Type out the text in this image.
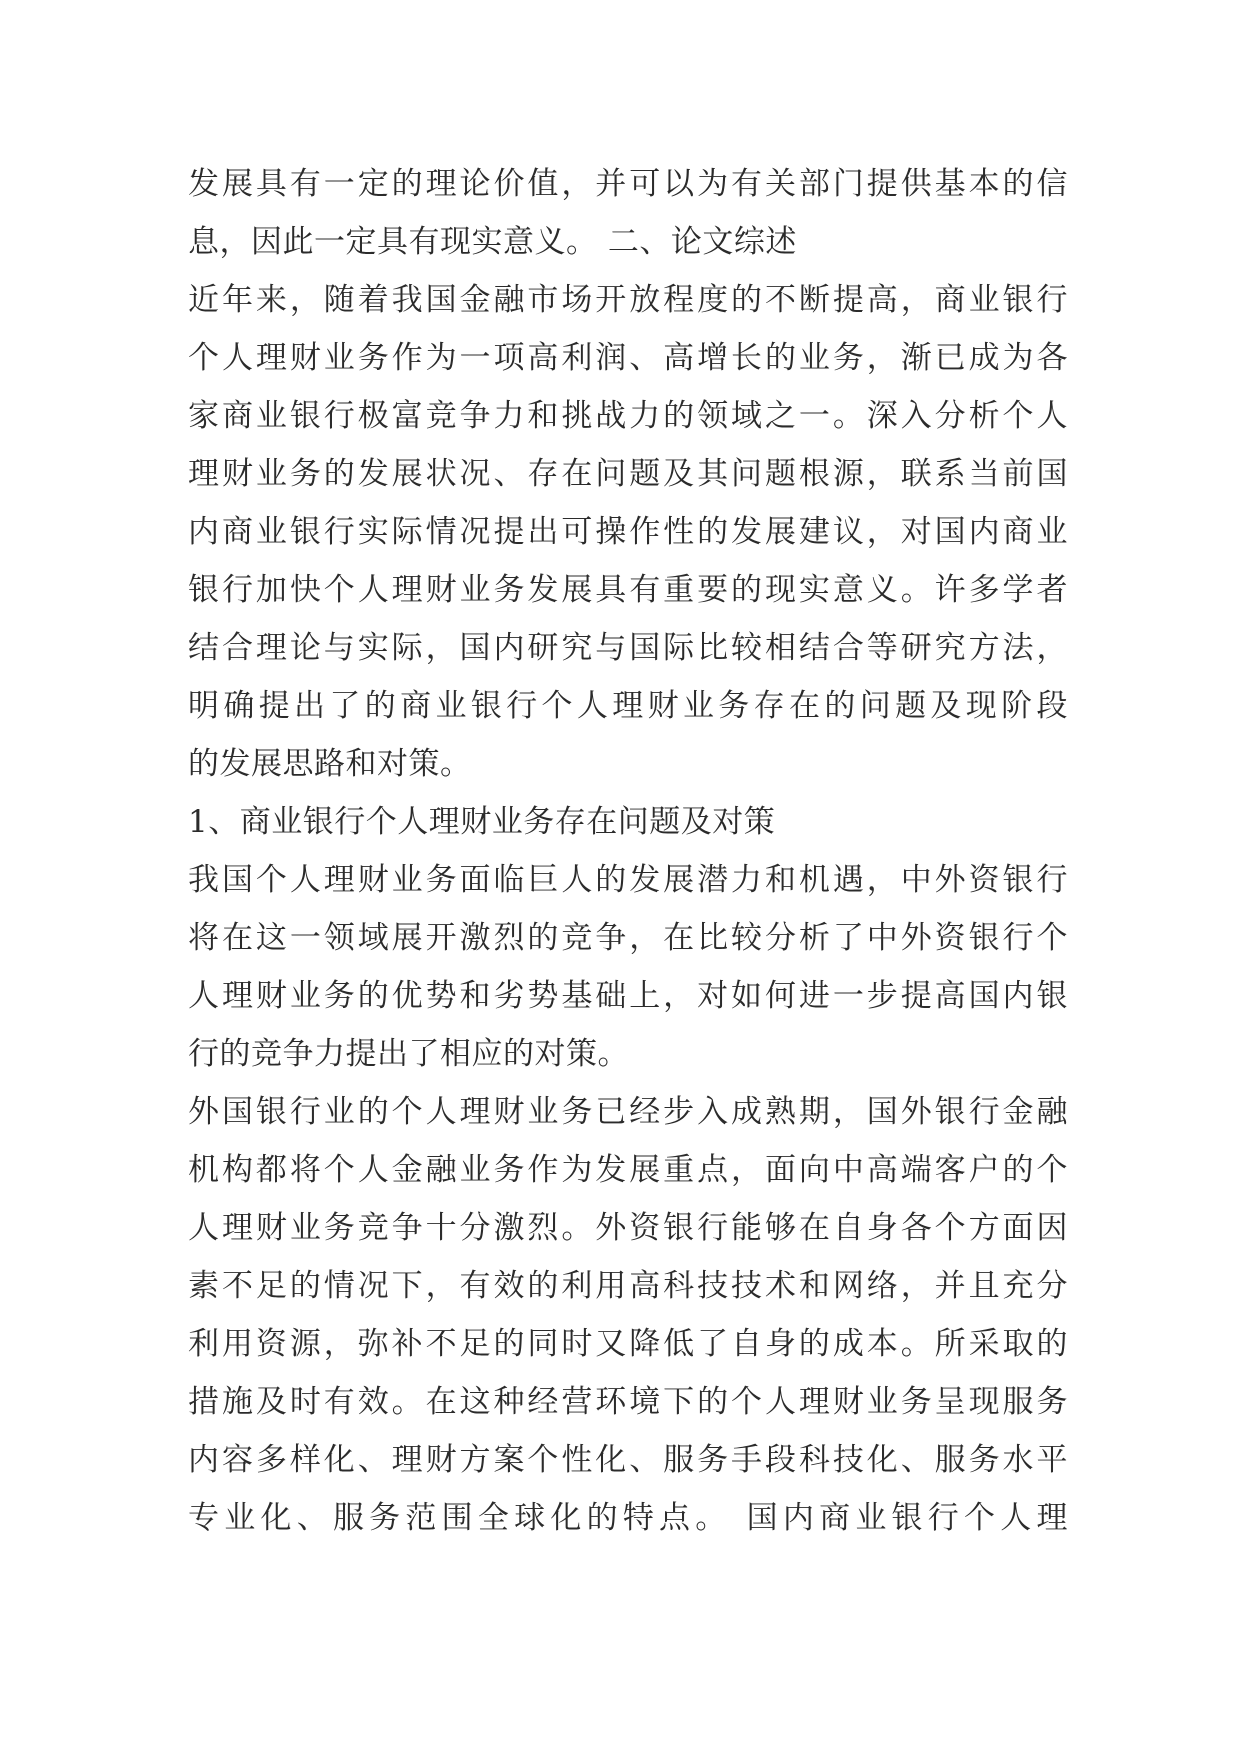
发展具有一定的理论价值，并可以为有关部门提供基本的信
息，因此一定具有现实意义。 二、论文综述
近年来，随着我国金融市场开放程度的不断提高，商业银行
个人理财业务作为一项高利润、高增长的业务，渐已成为各
家商业银行极富竞争力和挑战力的领域之一。深入分析个人
理财业务的发展状况、存在问题及其问题根源，联系当前国
内商业银行实际情况提出可操作性的发展建议，对国内商业
银行加快个人理财业务发展具有重要的现实意义。许多学者
结合理论与实际，国内研究与国际比较相结合等研究方法，
明确提出了的商业银行个人理财业务存在的问题及现阶段
的发展思路和对策。
1、商业银行个人理财业务存在问题及对策
我国个人理财业务面临巨人的发展潜力和机遇，中外资银行
将在这一领域展开激烈的竞争，在比较分析了中外资银行个
人理财业务的优势和劣势基础上，对如何进一步提高国内银
行的竞争力提出了相应的对策。
外国银行业的个人理财业务已经步入成熟期，国外银行金融
机构都将个人金融业务作为发展重点，面向中高端客户的个
人理财业务竞争十分激烈。外资银行能够在自身各个方面因
素不足的情况下，有效的利用高科技技术和网络，并且充分
利用资源，弥补不足的同时又降低了自身的成本。所采取的
措施及时有效。在这种经营环境下的个人理财业务呈现服务
内容多样化、理财方案个性化、服务手段科技化、服务水平
专业化、服务范围全球化的特点。 国内商业银行个人理
